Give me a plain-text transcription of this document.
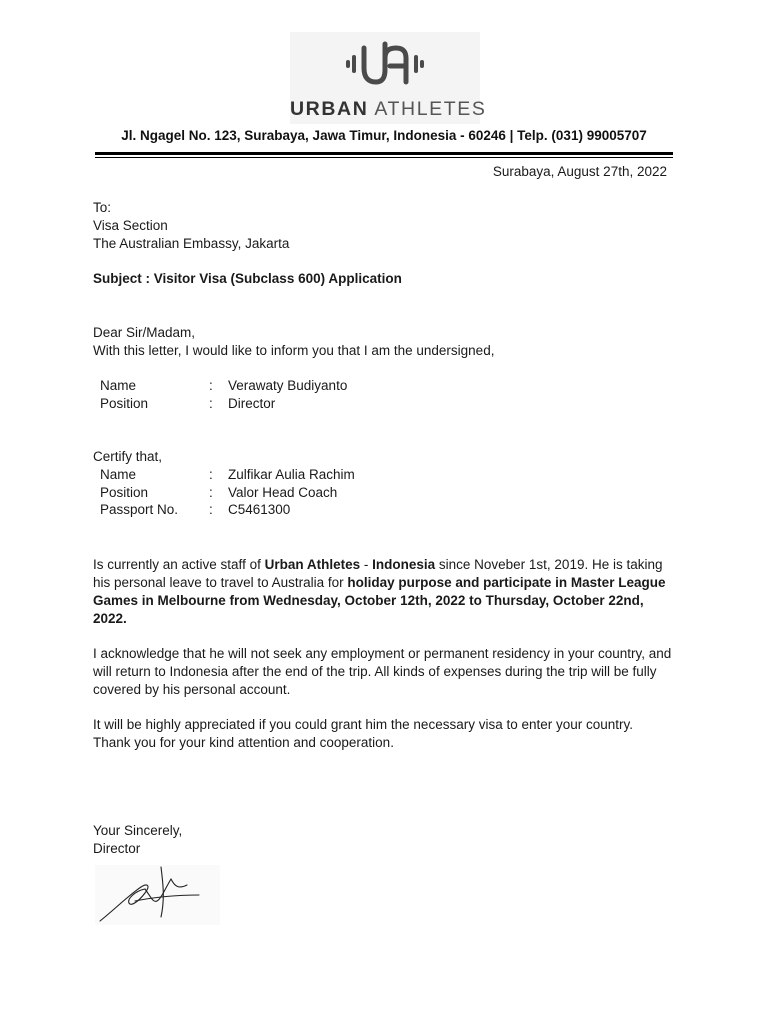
URBAN ATHLETES
Jl. Ngagel No. 123, Surabaya, Jawa Timur, Indonesia - 60246 | Telp. (031) 99005707
Surabaya, August 27th, 2022
To:
Visa Section
The Australian Embassy, Jakarta
Subject : Visitor Visa (Subclass 600) Application
Dear Sir/Madam,
With this letter, I would like to inform you that I am the undersigned,
Name	: Verawaty Budiyanto
Position	: Director
Certify that,
Name	: Zulfikar Aulia Rachim
Position	: Valor Head Coach
Passport No. : C5461300
Is currently an active staff of Urban Athletes - Indonesia since Noveber 1st, 2019. He is taking his personal leave to travel to Australia for holiday purpose and participate in Master League Games in Melbourne from Wednesday, October 12th, 2022 to Thursday, October 22nd, 2022.
I acknowledge that he will not seek any employment or permanent residency in your country, and will return to Indonesia after the end of the trip. All kinds of expenses during the trip will be fully covered by his personal account.
It will be highly appreciated if you could grant him the necessary visa to enter your country. Thank you for your kind attention and cooperation.
Your Sincerely,
Director
